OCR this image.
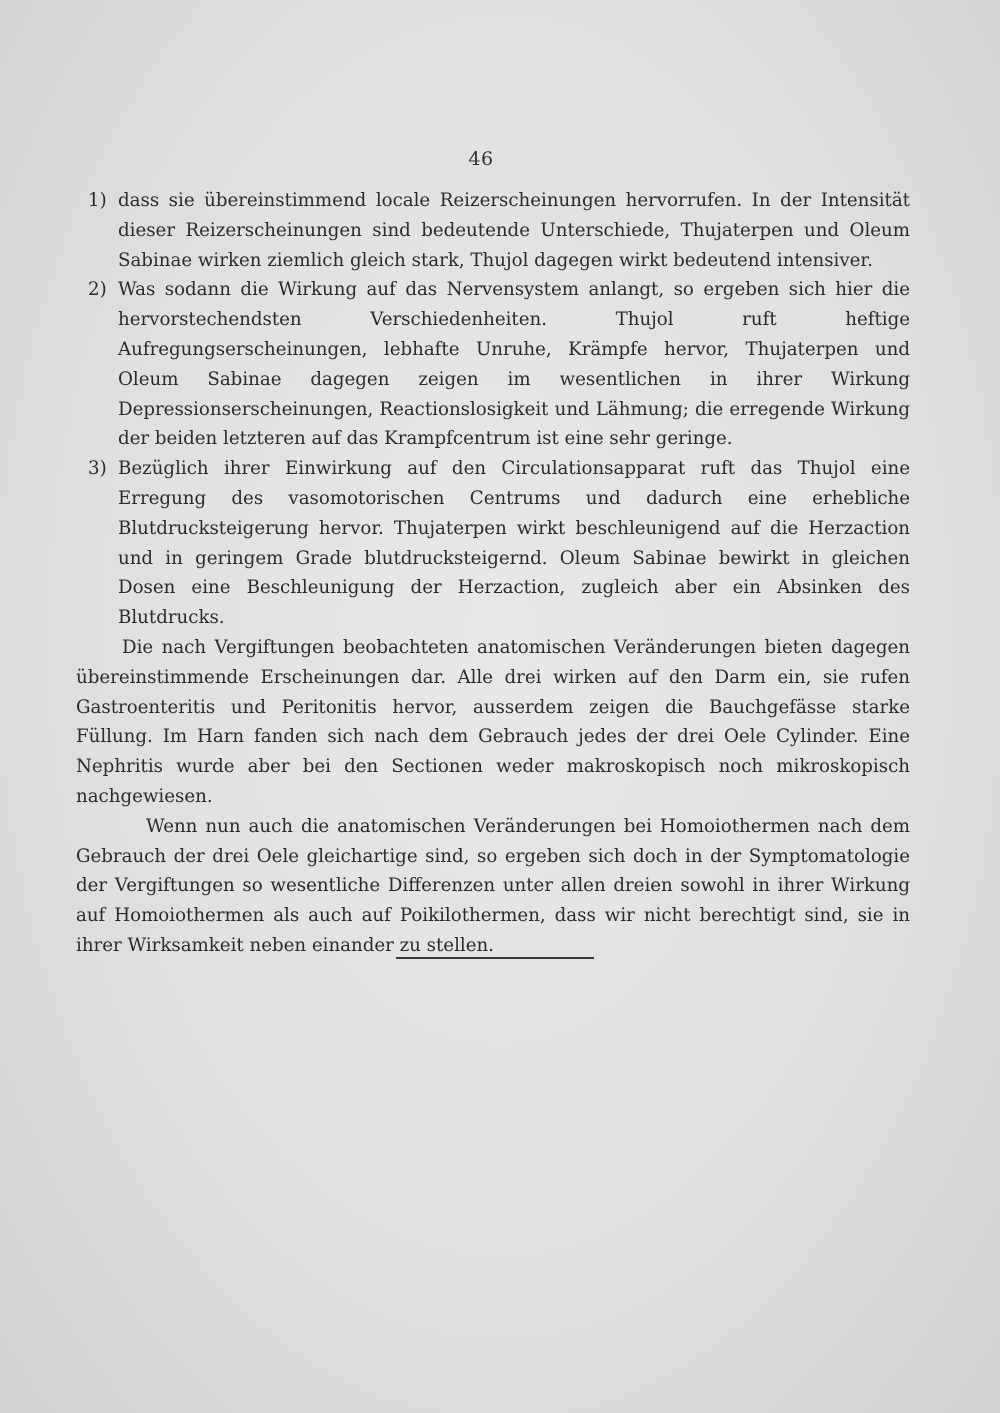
46
1) dass sie übereinstimmend locale Reizerscheinungen hervorrufen. In der Intensität dieser Reizerscheinungen sind bedeutende Unterschiede, Thujaterpen und Oleum Sabinae wirken ziemlich gleich stark, Thujol dagegen wirkt bedeutend intensiver.
2) Was sodann die Wirkung auf das Nervensystem anlangt, so ergeben sich hier die hervorstechendsten Verschiedenheiten. Thujol ruft heftige Aufregungserscheinungen, lebhafte Unruhe, Krämpfe hervor, Thujaterpen und Oleum Sabinae dagegen zeigen im wesentlichen in ihrer Wirkung Depressionserscheinungen, Reactionslosigkeit und Lähmung; die erregende Wirkung der beiden letzteren auf das Krampfcentrum ist eine sehr geringe.
3) Bezüglich ihrer Einwirkung auf den Circulationsapparat ruft das Thujol eine Erregung des vasomotorischen Centrums und dadurch eine erhebliche Blutdrucksteigerung hervor. Thujaterpen wirkt beschleunigend auf die Herzaction und in geringem Grade blutdrucksteigernd. Oleum Sabinae bewirkt in gleichen Dosen eine Beschleunigung der Herzaction, zugleich aber ein Absinken des Blutdrucks.

Die nach Vergiftungen beobachteten anatomischen Veränderungen bieten dagegen übereinstimmende Erscheinungen dar. Alle drei wirken auf den Darm ein, sie rufen Gastroenteritis und Peritonitis hervor, ausserdem zeigen die Bauchgefässe starke Füllung. Im Harn fanden sich nach dem Gebrauch jedes der drei Oele Cylinder. Eine Nephritis wurde aber bei den Sectionen weder makroskopisch noch mikroskopisch nachgewiesen.

Wenn nun auch die anatomischen Veränderungen bei Homoiothermen nach dem Gebrauch der drei Oele gleichartige sind, so ergeben sich doch in der Symptomatologie der Vergiftungen so wesentliche Differenzen unter allen dreien sowohl in ihrer Wirkung auf Homoiothermen als auch auf Poikilothermen, dass wir nicht berechtigt sind, sie in ihrer Wirksamkeit neben einander zu stellen.
